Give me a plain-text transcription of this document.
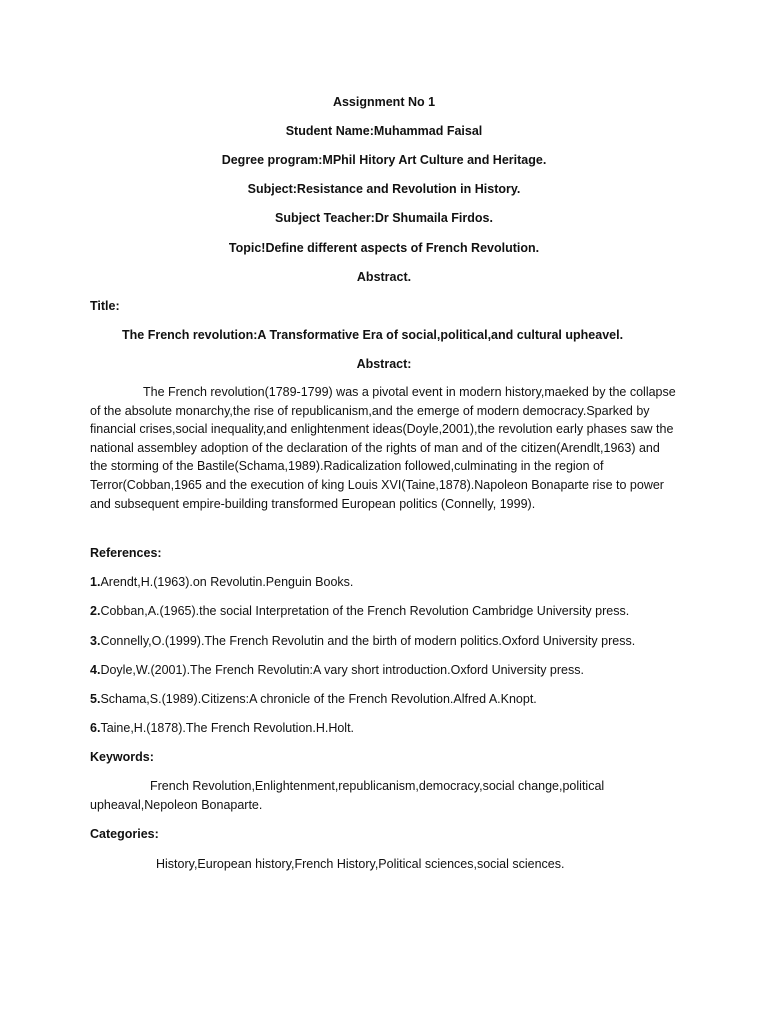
Assignment No 1
Student Name:Muhammad Faisal
Degree program:MPhil Hitory Art Culture and Heritage.
Subject:Resistance and Revolution in History.
Subject Teacher:Dr Shumaila Firdos.
Topic!Define different aspects of French Revolution.
Abstract.
Title:
The French revolution:A Transformative Era of social,political,and cultural upheavel.
Abstract:
The French revolution(1789-1799) was a pivotal event in modern history,maeked by the collapse of the absolute monarchy,the rise of republicanism,and the emerge of modern democracy.Sparked by financial crises,social inequality,and enlightenment ideas(Doyle,2001),the revolution early phases saw the national assembley adoption of the declaration of the rights of man and of the citizen(Arendlt,1963) and the storming of the Bastile(Schama,1989).Radicalization followed,culminating in the region of Terror(Cobban,1965 and the execution of king Louis XVI(Taine,1878).Napoleon Bonaparte rise to power and subsequent empire-building transformed European politics (Connelly, 1999).
References:
1.Arendt,H.(1963).on Revolutin.Penguin Books.
2.Cobban,A.(1965).the social Interpretation of the French Revolution Cambridge University press.
3.Connelly,O.(1999).The French Revolutin and the birth of modern politics.Oxford University press.
4.Doyle,W.(2001).The French Revolutin:A vary short introduction.Oxford University press.
5.Schama,S.(1989).Citizens:A chronicle of the French Revolution.Alfred A.Knopt.
6.Taine,H.(1878).The French Revolution.H.Holt.
Keywords:
French Revolution,Enlightenment,republicanism,democracy,social change,political upheaval,Nepoleon Bonaparte.
Categories:
History,European history,French History,Political sciences,social sciences.
